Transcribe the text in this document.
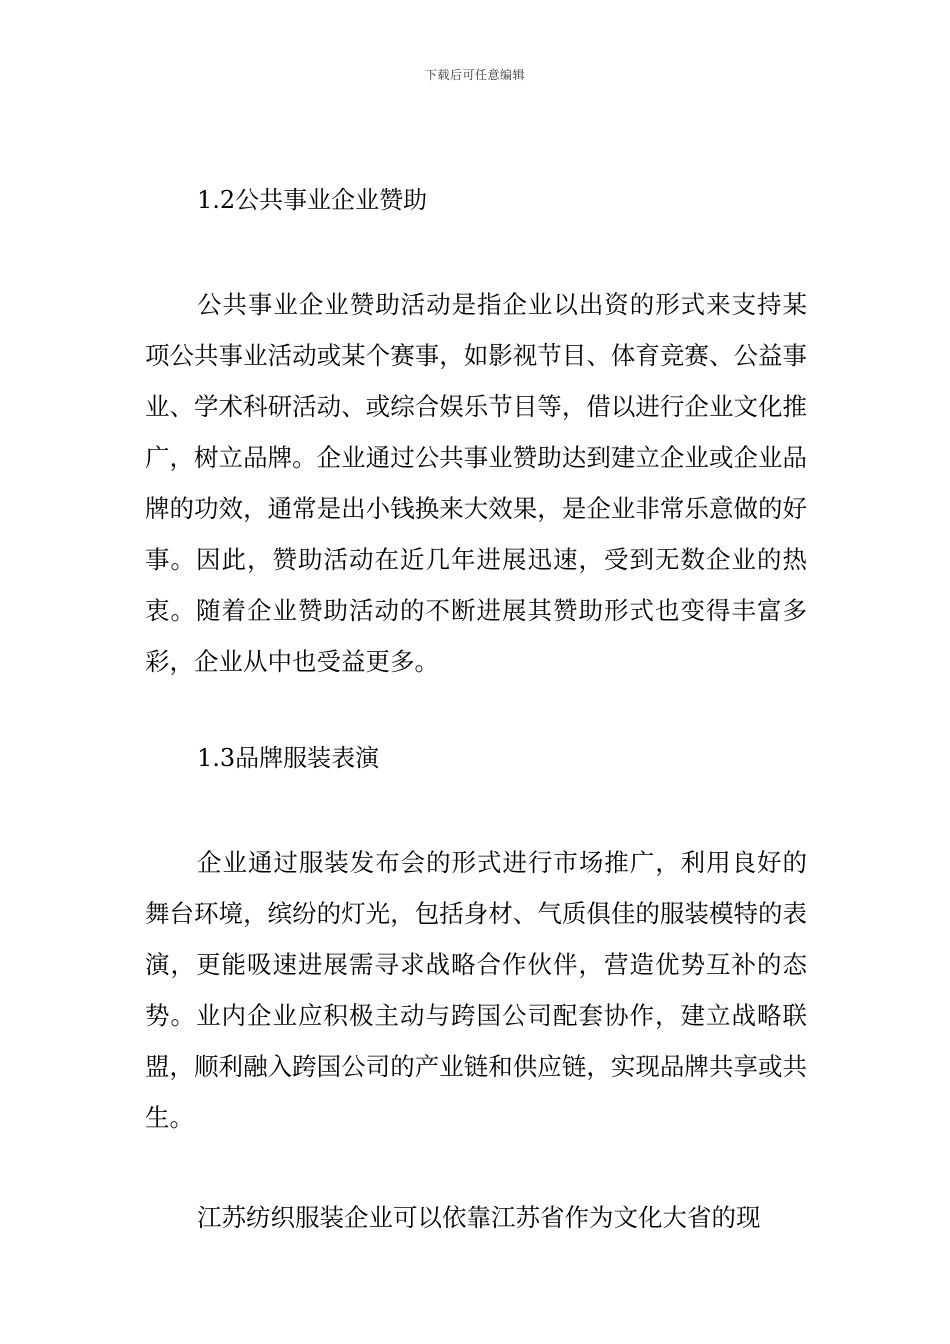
下载后可任意编辑
1.2公共事业企业赞助

公共事业企业赞助活动是指企业以出资的形式来支持某项公共事业活动或某个赛事，如影视节目、体育竞赛、公益事业、学术科研活动、或综合娱乐节目等，借以进行企业文化推广，树立品牌。企业通过公共事业赞助达到建立企业或企业品牌的功效，通常是出小钱换来大效果，是企业非常乐意做的好事。因此，赞助活动在近几年进展迅速，受到无数企业的热衷。随着企业赞助活动的不断进展其赞助形式也变得丰富多彩，企业从中也受益更多。

1.3品牌服装表演

企业通过服装发布会的形式进行市场推广，利用良好的舞台环境，缤纷的灯光，包括身材、气质俱佳的服装模特的表演，更能吸速进展需寻求战略合作伙伴，营造优势互补的态势。业内企业应积极主动与跨国公司配套协作，建立战略联盟，顺利融入跨国公司的产业链和供应链，实现品牌共享或共生。

江苏纺织服装企业可以依靠江苏省作为文化大省的现
